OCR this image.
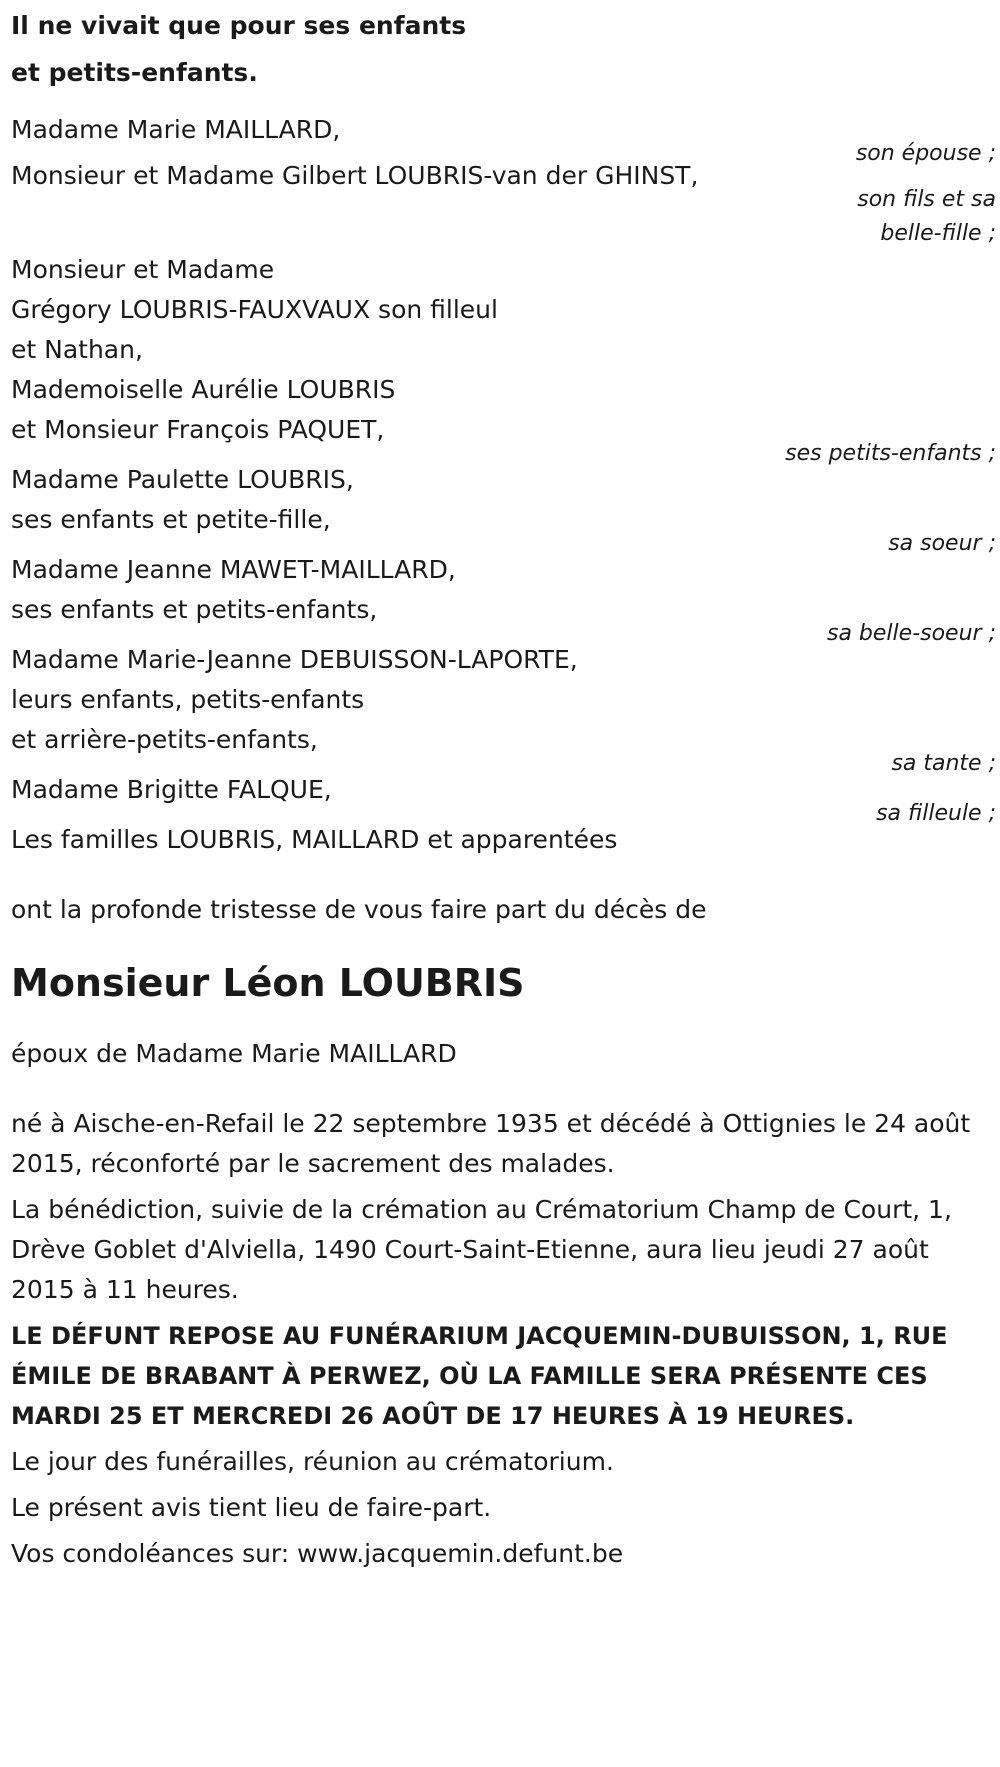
Il ne vivait que pour ses enfants

et petits-enfants.

Madame Marie MAILLARD,
son épouse ;
Monsieur et Madame Gilbert LOUBRIS-van der GHINST,
son fils et sa
belle-fille ;
Monsieur et Madame
Grégory LOUBRIS-FAUXVAUX son filleul
et Nathan,
Mademoiselle Aurélie LOUBRIS
et Monsieur François PAQUET,
ses petits-enfants ;
Madame Paulette LOUBRIS,
ses enfants et petite-fille,
sa soeur ;
Madame Jeanne MAWET-MAILLARD,
ses enfants et petits-enfants,
sa belle-soeur ;
Madame Marie-Jeanne DEBUISSON-LAPORTE,
leurs enfants, petits-enfants
et arrière-petits-enfants,
sa tante ;
Madame Brigitte FALQUE,
sa filleule ;
Les familles LOUBRIS, MAILLARD et apparentées

ont la profonde tristesse de vous faire part du décès de

Monsieur Léon LOUBRIS

époux de Madame Marie MAILLARD

né à Aische-en-Refail le 22 septembre 1935 et décédé à Ottignies le 24 août 2015, réconforté par le sacrement des malades.

La bénédiction, suivie de la crémation au Crématorium Champ de Court, 1, Drève Goblet d'Alviella, 1490 Court-Saint-Etienne, aura lieu jeudi 27 août 2015 à 11 heures.

LE DÉFUNT REPOSE AU FUNÉRARIUM JACQUEMIN-DUBUISSON, 1, RUE ÉMILE DE BRABANT À PERWEZ, OÙ LA FAMILLE SERA PRÉSENTE CES MARDI 25 ET MERCREDI 26 AOÛT DE 17 HEURES À 19 HEURES.

Le jour des funérailles, réunion au crématorium.

Le présent avis tient lieu de faire-part.

Vos condoléances sur: www.jacquemin.defunt.be
